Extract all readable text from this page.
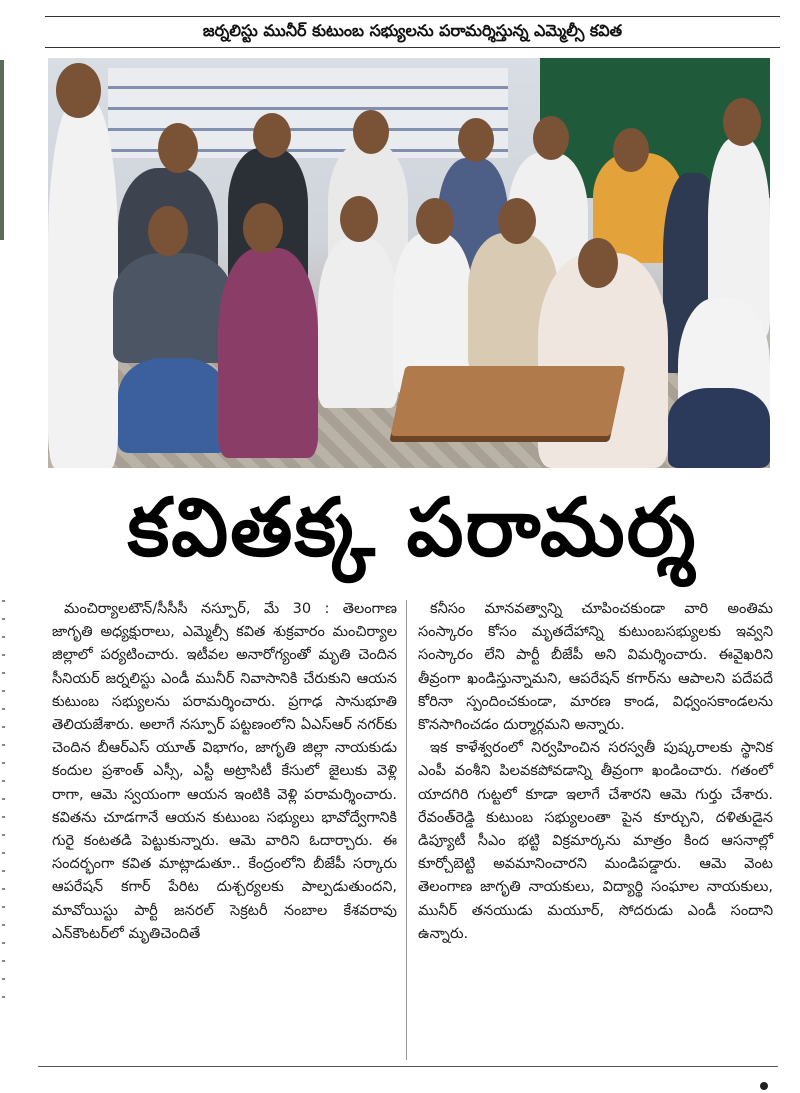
జర్నలిస్టు మునీర్ కుటుంబ సభ్యులను పరామర్శిస్తున్న ఎమ్మెల్సీ కవిత
కవితక్క పరామర్శ

మంచిర్యాలటౌన్/సీసీసీ నస్పూర్, మే 30 : తెలంగాణ జాగృతి అధ్యక్షురాలు, ఎమ్మెల్సీ కవిత శుక్రవారం మంచిర్యాల జిల్లాలో పర్యటించారు. ఇటీవల అనారోగ్యంతో మృతి చెందిన సీనియర్ జర్నలిస్టు ఎండీ మునీర్ నివాసానికి చేరుకుని ఆయన కుటుంబ సభ్యులను పరామర్శించారు. ప్రగాఢ సానుభూతి తెలియజేశారు. అలాగే నస్పూర్ పట్టణంలోని ఏఎస్ఆర్ నగర్‌కు చెందిన బీఆర్ఎస్ యూత్ విభాగం, జాగృతి జిల్లా నాయకుడు కందుల ప్రశాంత్ ఎస్సీ, ఎస్టీ అట్రాసిటీ కేసులో జైలుకు వెళ్లి రాగా, ఆమె స్వయంగా ఆయన ఇంటికి వెళ్లి పరామర్శించారు. కవితను చూడగానే ఆయన కుటుంబ సభ్యులు భావోద్వేగానికి గురై కంటతడి పెట్టుకున్నారు. ఆమె వారిని ఓదార్చారు. ఈ సందర్భంగా కవిత మాట్లాడుతూ.. కేంద్రంలోని బీజేపీ సర్కారు ఆపరేషన్ కగార్ పేరిట దుశ్చర్యలకు పాల్పడుతుందని, మావోయిస్టు పార్టీ జనరల్ సెక్రటరీ నంబాల కేశవరావు ఎన్‌కౌంటర్‌లో మృతిచెందితే

కనీసం మానవత్వాన్ని చూపించకుండా వారి అంతిమ సంస్కారం కోసం మృతదేహాన్ని కుటుంబసభ్యులకు ఇవ్వని సంస్కారం లేని పార్టీ బీజేపీ అని విమర్శించారు. ఈవైఖరిని తీవ్రంగా ఖండిస్తున్నామని, ఆపరేషన్ కగార్‌ను ఆపాలని పదేపదే కోరినా స్పందించకుండా, మారణ కాండ, విధ్వంసకాండలను కొనసాగించడం దుర్మార్గమని అన్నారు.

ఇక కాళేశ్వరంలో నిర్వహించిన సరస్వతీ పుష్కరాలకు స్థానిక ఎంపీ వంశీని పిలవకపోవడాన్ని తీవ్రంగా ఖండించారు. గతంలో యాదగిరి గుట్టలో కూడా ఇలాగే చేశారని ఆమె గుర్తు చేశారు. రేవంత్‌రెడ్డి కుటుంబ సభ్యులంతా పైన కూర్చుని, దళితుడైన డిప్యూటీ సీఎం భట్టి విక్రమార్కను మాత్రం కింద ఆసనాల్లో కూర్చోబెట్టి అవమానించారని మండిపడ్డారు. ఆమె వెంట తెలంగాణ జాగృతి నాయకులు, విద్యార్థి సంఘాల నాయకులు, మునీర్ తనయుడు మయూర్, సోదరుడు ఎండీ సందాని ఉన్నారు.
